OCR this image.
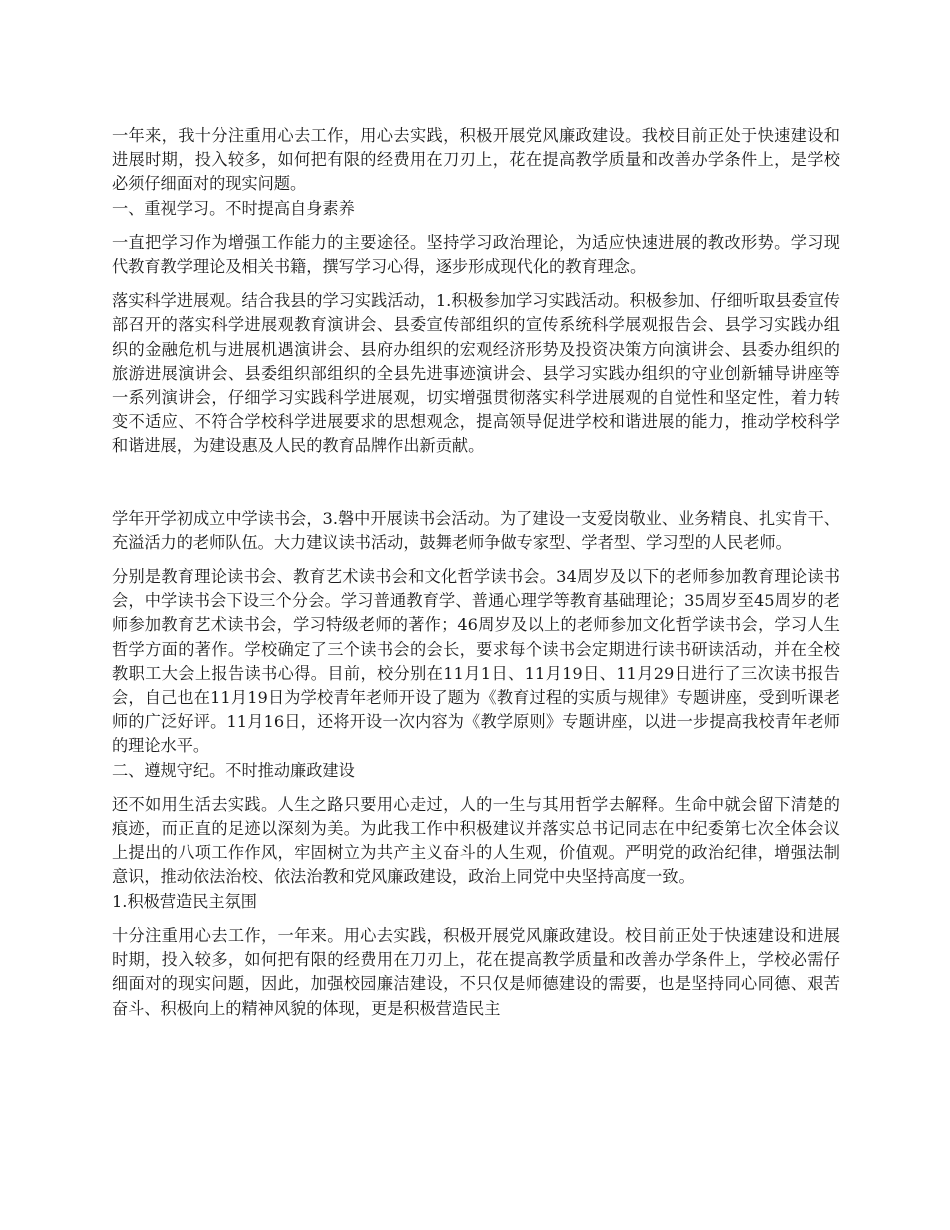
一年来，我十分注重用心去工作，用心去实践，积极开展党风廉政建设。我校目前正处于快速建设和进展时期，投入较多，如何把有限的经费用在刀刃上，花在提高教学质量和改善办学条件上，是学校必须仔细面对的现实问题。

一、重视学习。不时提高自身素养

一直把学习作为增强工作能力的主要途径。坚持学习政治理论，为适应快速进展的教改形势。学习现代教育教学理论及相关书籍，撰写学习心得，逐步形成现代化的教育理念。

落实科学进展观。结合我县的学习实践活动，1.积极参加学习实践活动。积极参加、仔细听取县委宣传部召开的落实科学进展观教育演讲会、县委宣传部组织的宣传系统科学展观报告会、县学习实践办组织的金融危机与进展机遇演讲会、县府办组织的宏观经济形势及投资决策方向演讲会、县委办组织的旅游进展演讲会、县委组织部组织的全县先进事迹演讲会、县学习实践办组织的守业创新辅导讲座等一系列演讲会，仔细学习实践科学进展观，切实增强贯彻落实科学进展观的自觉性和坚定性，着力转变不适应、不符合学校科学进展要求的思想观念，提高领导促进学校和谐进展的能力，推动学校科学和谐进展，为建设惠及人民的教育品牌作出新贡献。

学年开学初成立中学读书会，3.磐中开展读书会活动。为了建设一支爱岗敬业、业务精良、扎实肯干、充溢活力的老师队伍。大力建议读书活动，鼓舞老师争做专家型、学者型、学习型的人民老师。

分别是教育理论读书会、教育艺术读书会和文化哲学读书会。34周岁及以下的老师参加教育理论读书会，中学读书会下设三个分会。学习普通教育学、普通心理学等教育基础理论；35周岁至45周岁的老师参加教育艺术读书会，学习特级老师的著作；46周岁及以上的老师参加文化哲学读书会，学习人生哲学方面的著作。学校确定了三个读书会的会长，要求每个读书会定期进行读书研读活动，并在全校教职工大会上报告读书心得。目前，校分别在11月1日、11月19日、11月29日进行了三次读书报告会，自己也在11月19日为学校青年老师开设了题为《教育过程的实质与规律》专题讲座，受到听课老师的广泛好评。11月16日，还将开设一次内容为《教学原则》专题讲座，以进一步提高我校青年老师的理论水平。

二、遵规守纪。不时推动廉政建设

还不如用生活去实践。人生之路只要用心走过，人的一生与其用哲学去解释。生命中就会留下清楚的痕迹，而正直的足迹以深刻为美。为此我工作中积极建议并落实总书记同志在中纪委第七次全体会议上提出的八项工作作风，牢固树立为共产主义奋斗的人生观，价值观。严明党的政治纪律，增强法制意识，推动依法治校、依法治教和党风廉政建设，政治上同党中央坚持高度一致。

1.积极营造民主氛围

十分注重用心去工作，一年来。用心去实践，积极开展党风廉政建设。校目前正处于快速建设和进展时期，投入较多，如何把有限的经费用在刀刃上，花在提高教学质量和改善办学条件上，学校必需仔细面对的现实问题，因此，加强校园廉洁建设，不只仅是师德建设的需要，也是坚持同心同德、艰苦奋斗、积极向上的精神风貌的体现，更是积极营造民主
